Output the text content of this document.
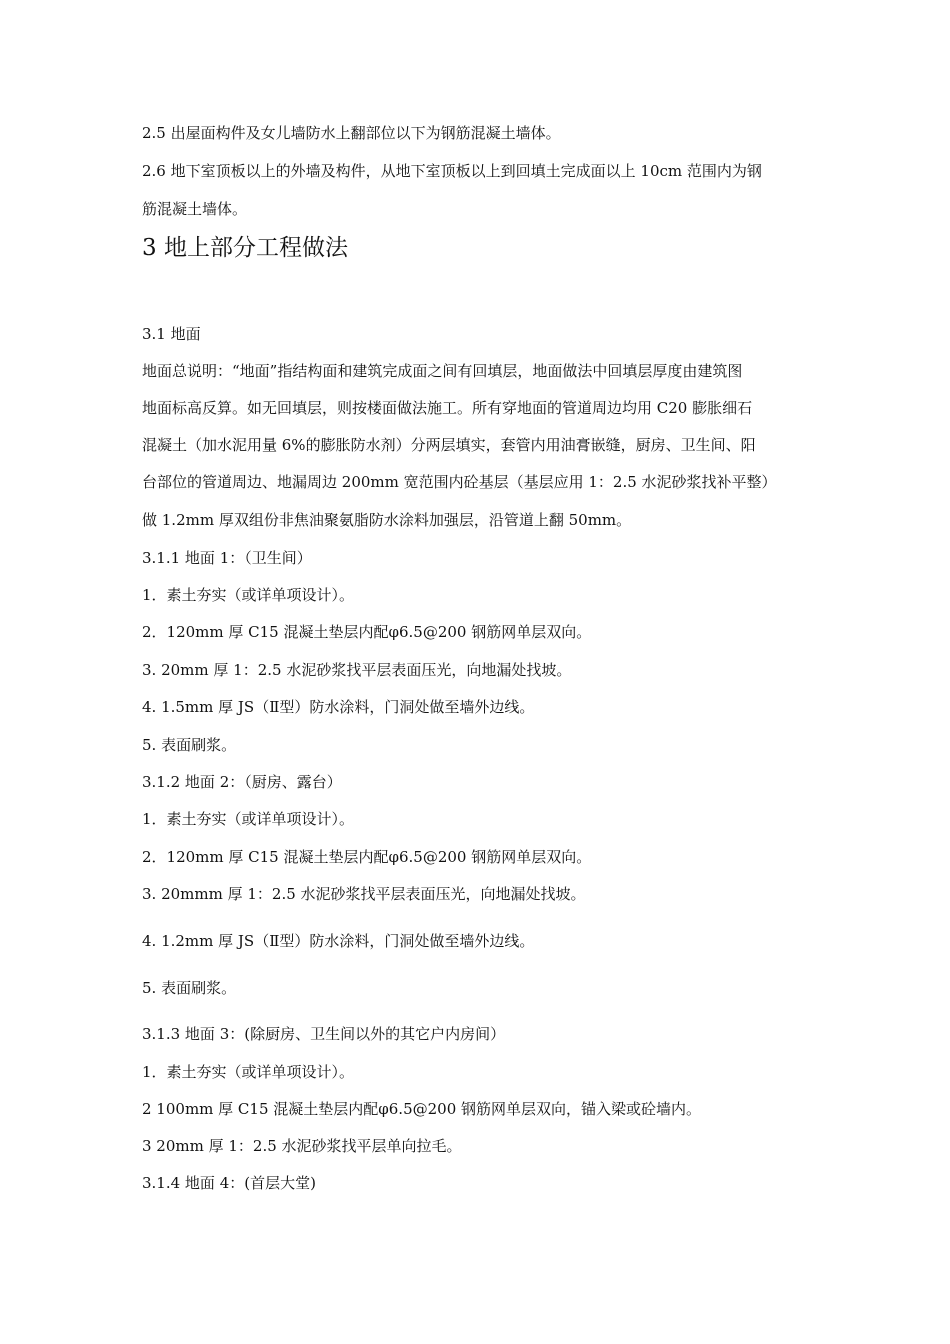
2.5 出屋面构件及女儿墙防水上翻部位以下为钢筋混凝土墙体。

2.6 地下室顶板以上的外墙及构件，从地下室顶板以上到回填土完成面以上 10cm 范围内为钢

筋混凝土墙体。

3 地上部分工程做法

3.1 地面

地面总说明：“地面”指结构面和建筑完成面之间有回填层，地面做法中回填层厚度由建筑图

地面标高反算。如无回填层，则按楼面做法施工。所有穿地面的管道周边均用 C20 膨胀细石

混凝土（加水泥用量 6%的膨胀防水剂）分两层填实，套管内用油膏嵌缝，厨房、卫生间、阳

台部位的管道周边、地漏周边 200mm 宽范围内砼基层（基层应用 1：2.5 水泥砂浆找补平整）

做 1.2mm 厚双组份非焦油聚氨脂防水涂料加强层，沿管道上翻 50mm。

3.1.1 地面 1：（卫生间）

1．素土夯实（或详单项设计）。

2．120mm 厚 C15 混凝土垫层内配φ6.5@200 钢筋网单层双向。

3. 20mm 厚 1：2.5 水泥砂浆找平层表面压光，向地漏处找坡。

4. 1.5mm 厚 JS（Ⅱ型）防水涂料，门洞处做至墙外边线。

5. 表面刷浆。

3.1.2 地面 2：（厨房、露台）

1．素土夯实（或详单项设计）。

2．120mm 厚 C15 混凝土垫层内配φ6.5@200 钢筋网单层双向。

3. 20mmm 厚 1：2.5 水泥砂浆找平层表面压光，向地漏处找坡。

4. 1.2mm 厚 JS（Ⅱ型）防水涂料，门洞处做至墙外边线。

5. 表面刷浆。

3.1.3 地面 3：(除厨房、卫生间以外的其它户内房间）

1．素土夯实（或详单项设计）。

2 100mm 厚 C15 混凝土垫层内配φ6.5@200 钢筋网单层双向，锚入梁或砼墙内。

3 20mm 厚 1：2.5 水泥砂浆找平层单向拉毛。

3.1.4 地面 4：(首层大堂)
